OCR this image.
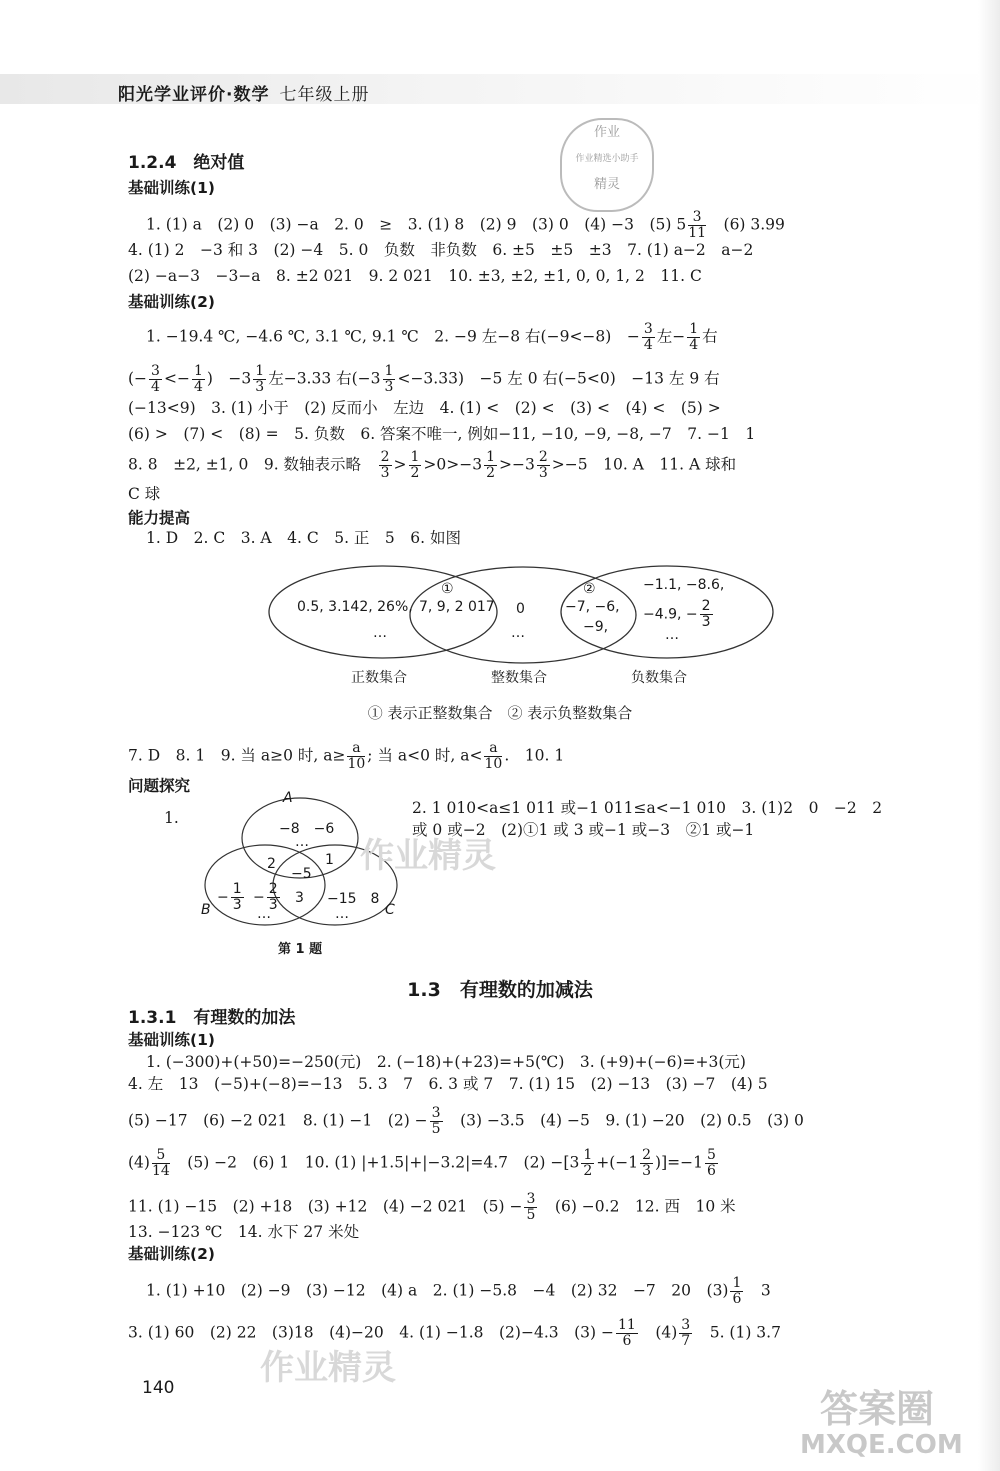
阳光学业评价·数学 七年级上册
作业
作业精选小助手
精灵
1.2.4　绝对值
基础训练(1)
1. (1) a　(2) 0　(3) −a　2. 0　≥　3. (1) 8　(2) 9　(3) 0　(4) −3　(5) $5 \frac{3}{11}$ 　(6) 3.99
4. (1) 2　−3 和 3　(2) −4　5. 0　负数　非负数　6. ±5　±5　±3　7. (1) a−2　a−2
(2) −a−3　−3−a　8. ±2 021　9. 2 021　10. ±3, ±2, ±1, 0, 0, 1, 2　11. C
基础训练(2)
1. −19.4 ℃, −4.6 ℃, 3.1 ℃, 9.1 ℃　2. −9 左−8 右(−9<−8)　− $\frac{3}{4}$ 左− $\frac{1}{4}$ 右
(− $\frac{3}{4} <- \frac{1}{4}$ )　$-3 \frac{1}{3}$ 左−3.33 右$(-3 \frac{1}{3} <-3.33)$　−5 左 0 右(−5<0)　−13 左 9 右
(−13<9)　3. (1) 小于　(2) 反而小　左边　4. (1) <　(2) <　(3) <　(4) <　(5) >
(6) >　(7) <　(8) =　5. 负数　6. 答案不唯一, 例如−11, −10, −9, −8, −7　7. −1　1
8. 8　±2, ±1, 0　9. 数轴表示略　 $\frac{2}{3} > \frac{1}{2} >0>-3 \frac{1}{2} >-3 \frac{2}{3} >-5$　10. A　11. A 球和
C 球
能力提高
1. D　2. C　3. A　4. C　5. 正　5　6. 如图
0.5, 3.142, 26%,
…
①
7, 9, 2 017 0
…
②
−7, −6,
−9,
−1.1, −8.6,
−4.9, − $\frac{2}{3}$
…
正数集合	整数集合	负数集合
① 表示正整数集合　② 表示负整数集合
7. D　8. 1　9. 当 a≥0 时, $a\ge \frac{a}{10}$ ; 当 a<0 时, $a< \frac{a}{10}$ .　10. 1
问题探究
1.
A
B	C
−8　−6
…
2	1
−5
− $\frac{1}{3} - \frac{2}{3}$
…
3 −15　8
…
2. 1 010<a≤1 011 或−1 011≤a<−1 010　3. (1)2　0　−2　2
或 0 或−2　(2)①1 或 3 或−1 或−3　②1 或−1
第 1 题
1.3　有理数的加减法
1.3.1　有理数的加法
基础训练(1)
1. (−300)+(+50)=−250(元)　2. (−18)+(+23)=+5(℃)　3. (+9)+(−6)=+3(元)
4. 左　13　(−5)+(−8)=−13　5. 3　7　6. 3 或 7　7. (1) 15　(2) −13　(3) −7　(4) 5
(5) −17　(6) −2 021　8. (1) −1　$(2) - \frac{3}{5}$ 　(3) −3.5　(4) −5　9. (1) −20　(2) 0.5　(3) 0
$(4) \frac{5}{14}$ 　(5) −2　(6) 1　10. (1) |+1.5|+|−3.2|=4.7　$(2) -[3 \frac{1}{2} +(-1 \frac{2}{3} )]=-1 \frac{5}{6}$
11. (1) −15　(2) +18　(3) +12　(4) −2 021　$(5) - \frac{3}{5}$ 　(6) −0.2　12. 西　10 米
13. −123 ℃　14. 水下 27 米处
基础训练(2)
1. (1) +10　(2) −9　(3) −12　(4) a　2. (1) −5.8　−4　(2) 32　−7　20　$(3) \frac{1}{6}$ 　3
3. (1) 60　(2) 22　(3)18　(4)−20　4. (1) −1.8　(2)−4.3　$(3) - \frac{11}{6}$ 　$(4) \frac{3}{7}$ 　5. (1) 3.7
140
作业精灵
作业精灵
答案圈
MXQE.COM
